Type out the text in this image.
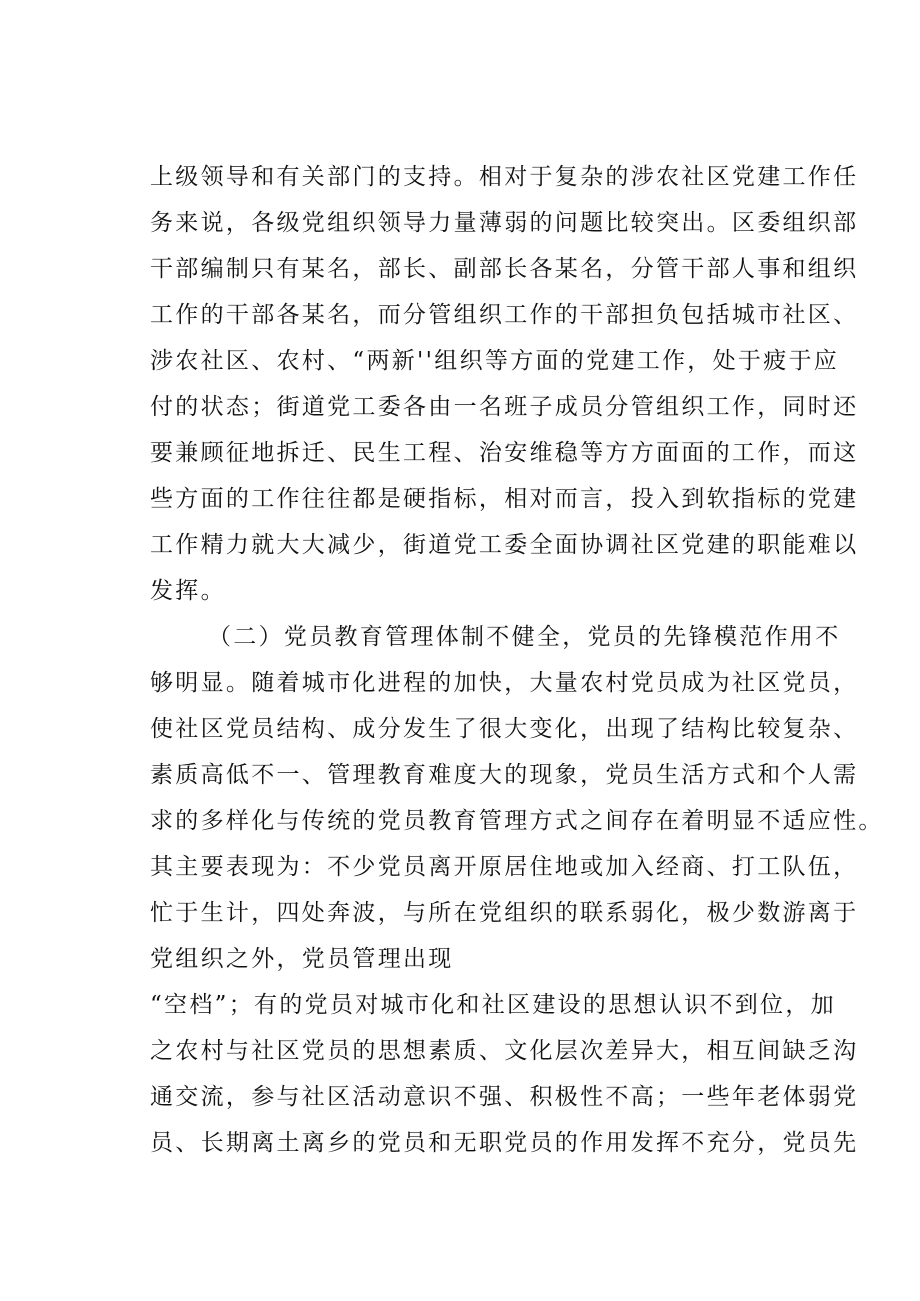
上级领导和有关部门的支持。相对于复杂的涉农社区党建工作任
务来说，各级党组织领导力量薄弱的问题比较突出。区委组织部
干部编制只有某名，部长、副部长各某名，分管干部人事和组织
工作的干部各某名，而分管组织工作的干部担负包括城市社区、
涉农社区、农村、“两新''组织等方面的党建工作，处于疲于应
付的状态；街道党工委各由一名班子成员分管组织工作，同时还
要兼顾征地拆迁、民生工程、治安维稳等方方面面的工作，而这
些方面的工作往往都是硬指标，相对而言，投入到软指标的党建
工作精力就大大减少，街道党工委全面协调社区党建的职能难以
发挥。
（二）党员教育管理体制不健全，党员的先锋模范作用不
够明显。随着城市化进程的加快，大量农村党员成为社区党员，
使社区党员结构、成分发生了很大变化，出现了结构比较复杂、
素质高低不一、管理教育难度大的现象，党员生活方式和个人需
求的多样化与传统的党员教育管理方式之间存在着明显不适应性。
其主要表现为：不少党员离开原居住地或加入经商、打工队伍，
忙于生计，四处奔波，与所在党组织的联系弱化，极少数游离于
党组织之外，党员管理出现
“空档”；有的党员对城市化和社区建设的思想认识不到位，加
之农村与社区党员的思想素质、文化层次差异大，相互间缺乏沟
通交流，参与社区活动意识不强、积极性不高；一些年老体弱党
员、长期离土离乡的党员和无职党员的作用发挥不充分，党员先
